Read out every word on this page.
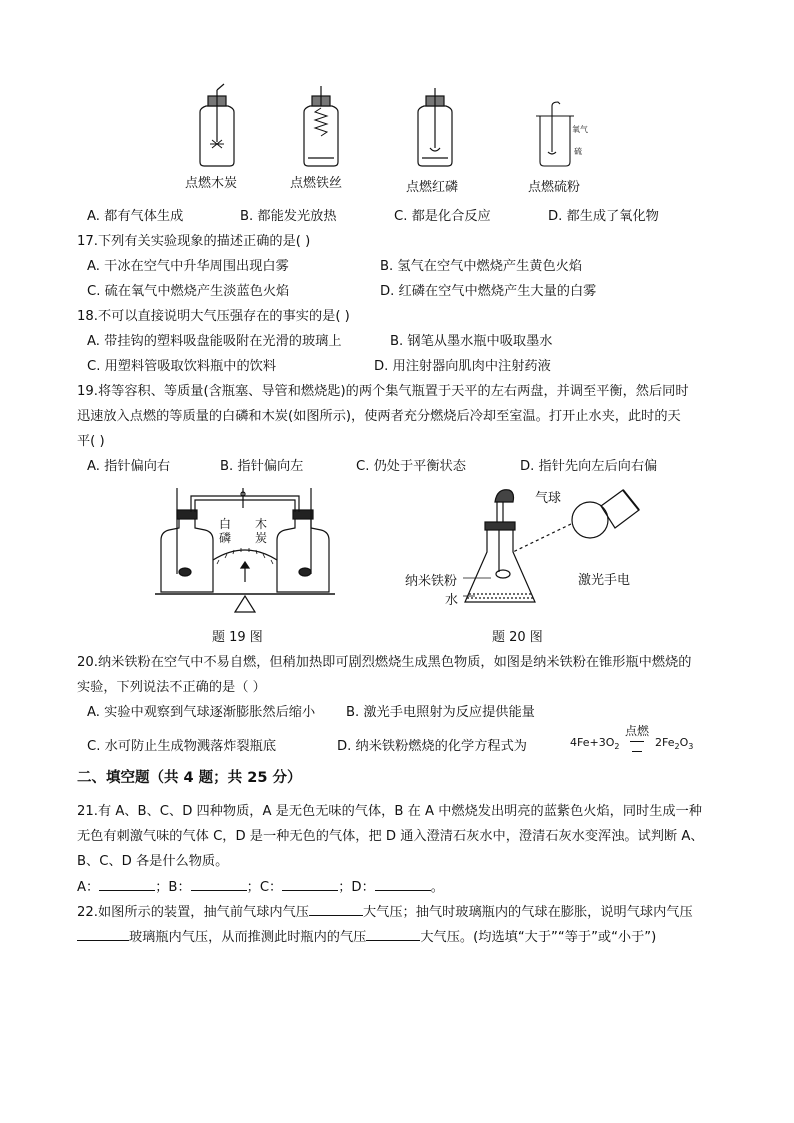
氧气
硫
点燃木炭	点燃铁丝	点燃红磷	点燃硫粉
A. 都有气体生成	B. 都能发光放热	C. 都是化合反应	D. 都生成了氧化物
17.下列有关实验现象的描述正确的是( )
A. 干冰在空气中升华周围出现白雾	B. 氢气在空气中燃烧产生黄色火焰
C. 硫在氧气中燃烧产生淡蓝色火焰	D. 红磷在空气中燃烧产生大量的白雾
18.不可以直接说明大气压强存在的事实的是( )
A. 带挂钩的塑料吸盘能吸附在光滑的玻璃上	B. 钢笔从墨水瓶中吸取墨水
C. 用塑料管吸取饮料瓶中的饮料	D. 用注射器向肌肉中注射药液
19.将等容积、等质量(含瓶塞、导管和燃烧匙)的两个集气瓶置于天平的左右两盘，并调至平衡，然后同时
迅速放入点燃的等质量的白磷和木炭(如图所示)，使两者充分燃烧后冷却至室温。打开止水夹，此时的天
平( )
A. 指针偏向右	B. 指针偏向左	C. 仍处于平衡状态	D. 指针先向左后向右偏
白
磷
木
炭
题 19 图
气球
激光手电
纳米铁粉
水
题 20 图
20.纳米铁粉在空气中不易自燃，但稍加热即可剧烈燃烧生成黑色物质，如图是纳米铁粉在锥形瓶中燃烧的
实验，下列说法不正确的是（ ）
A. 实验中观察到气球逐渐膨胀然后缩小 B. 激光手电照射为反应提供能量
C. 水可防止生成物溅落炸裂瓶底	D. 纳米铁粉燃烧的化学方程式为	$4Fe+3O_2$
点燃
$2Fe_2O_3$
二、填空题（共 4 题；共 25 分）
21.有 A、B、C、D 四种物质，A 是无色无味的气体，B 在 A 中燃烧发出明亮的蓝紫色火焰，同时生成一种
无色有刺激气味的气体 C，D 是一种无色的气体，把 D 通入澄清石灰水中，澄清石灰水变浑浊。试判断 A、
B、C、D 各是什么物质。
A：	；B：	；C：	；D：	。
22.如图所示的装置，抽气前气球内气压	大气压；抽气时玻璃瓶内的气球在膨胀，说明气球内气压
玻璃瓶内气压，从而推测此时瓶内的气压	大气压。(均选填“大于”“等于”或“小于”)
